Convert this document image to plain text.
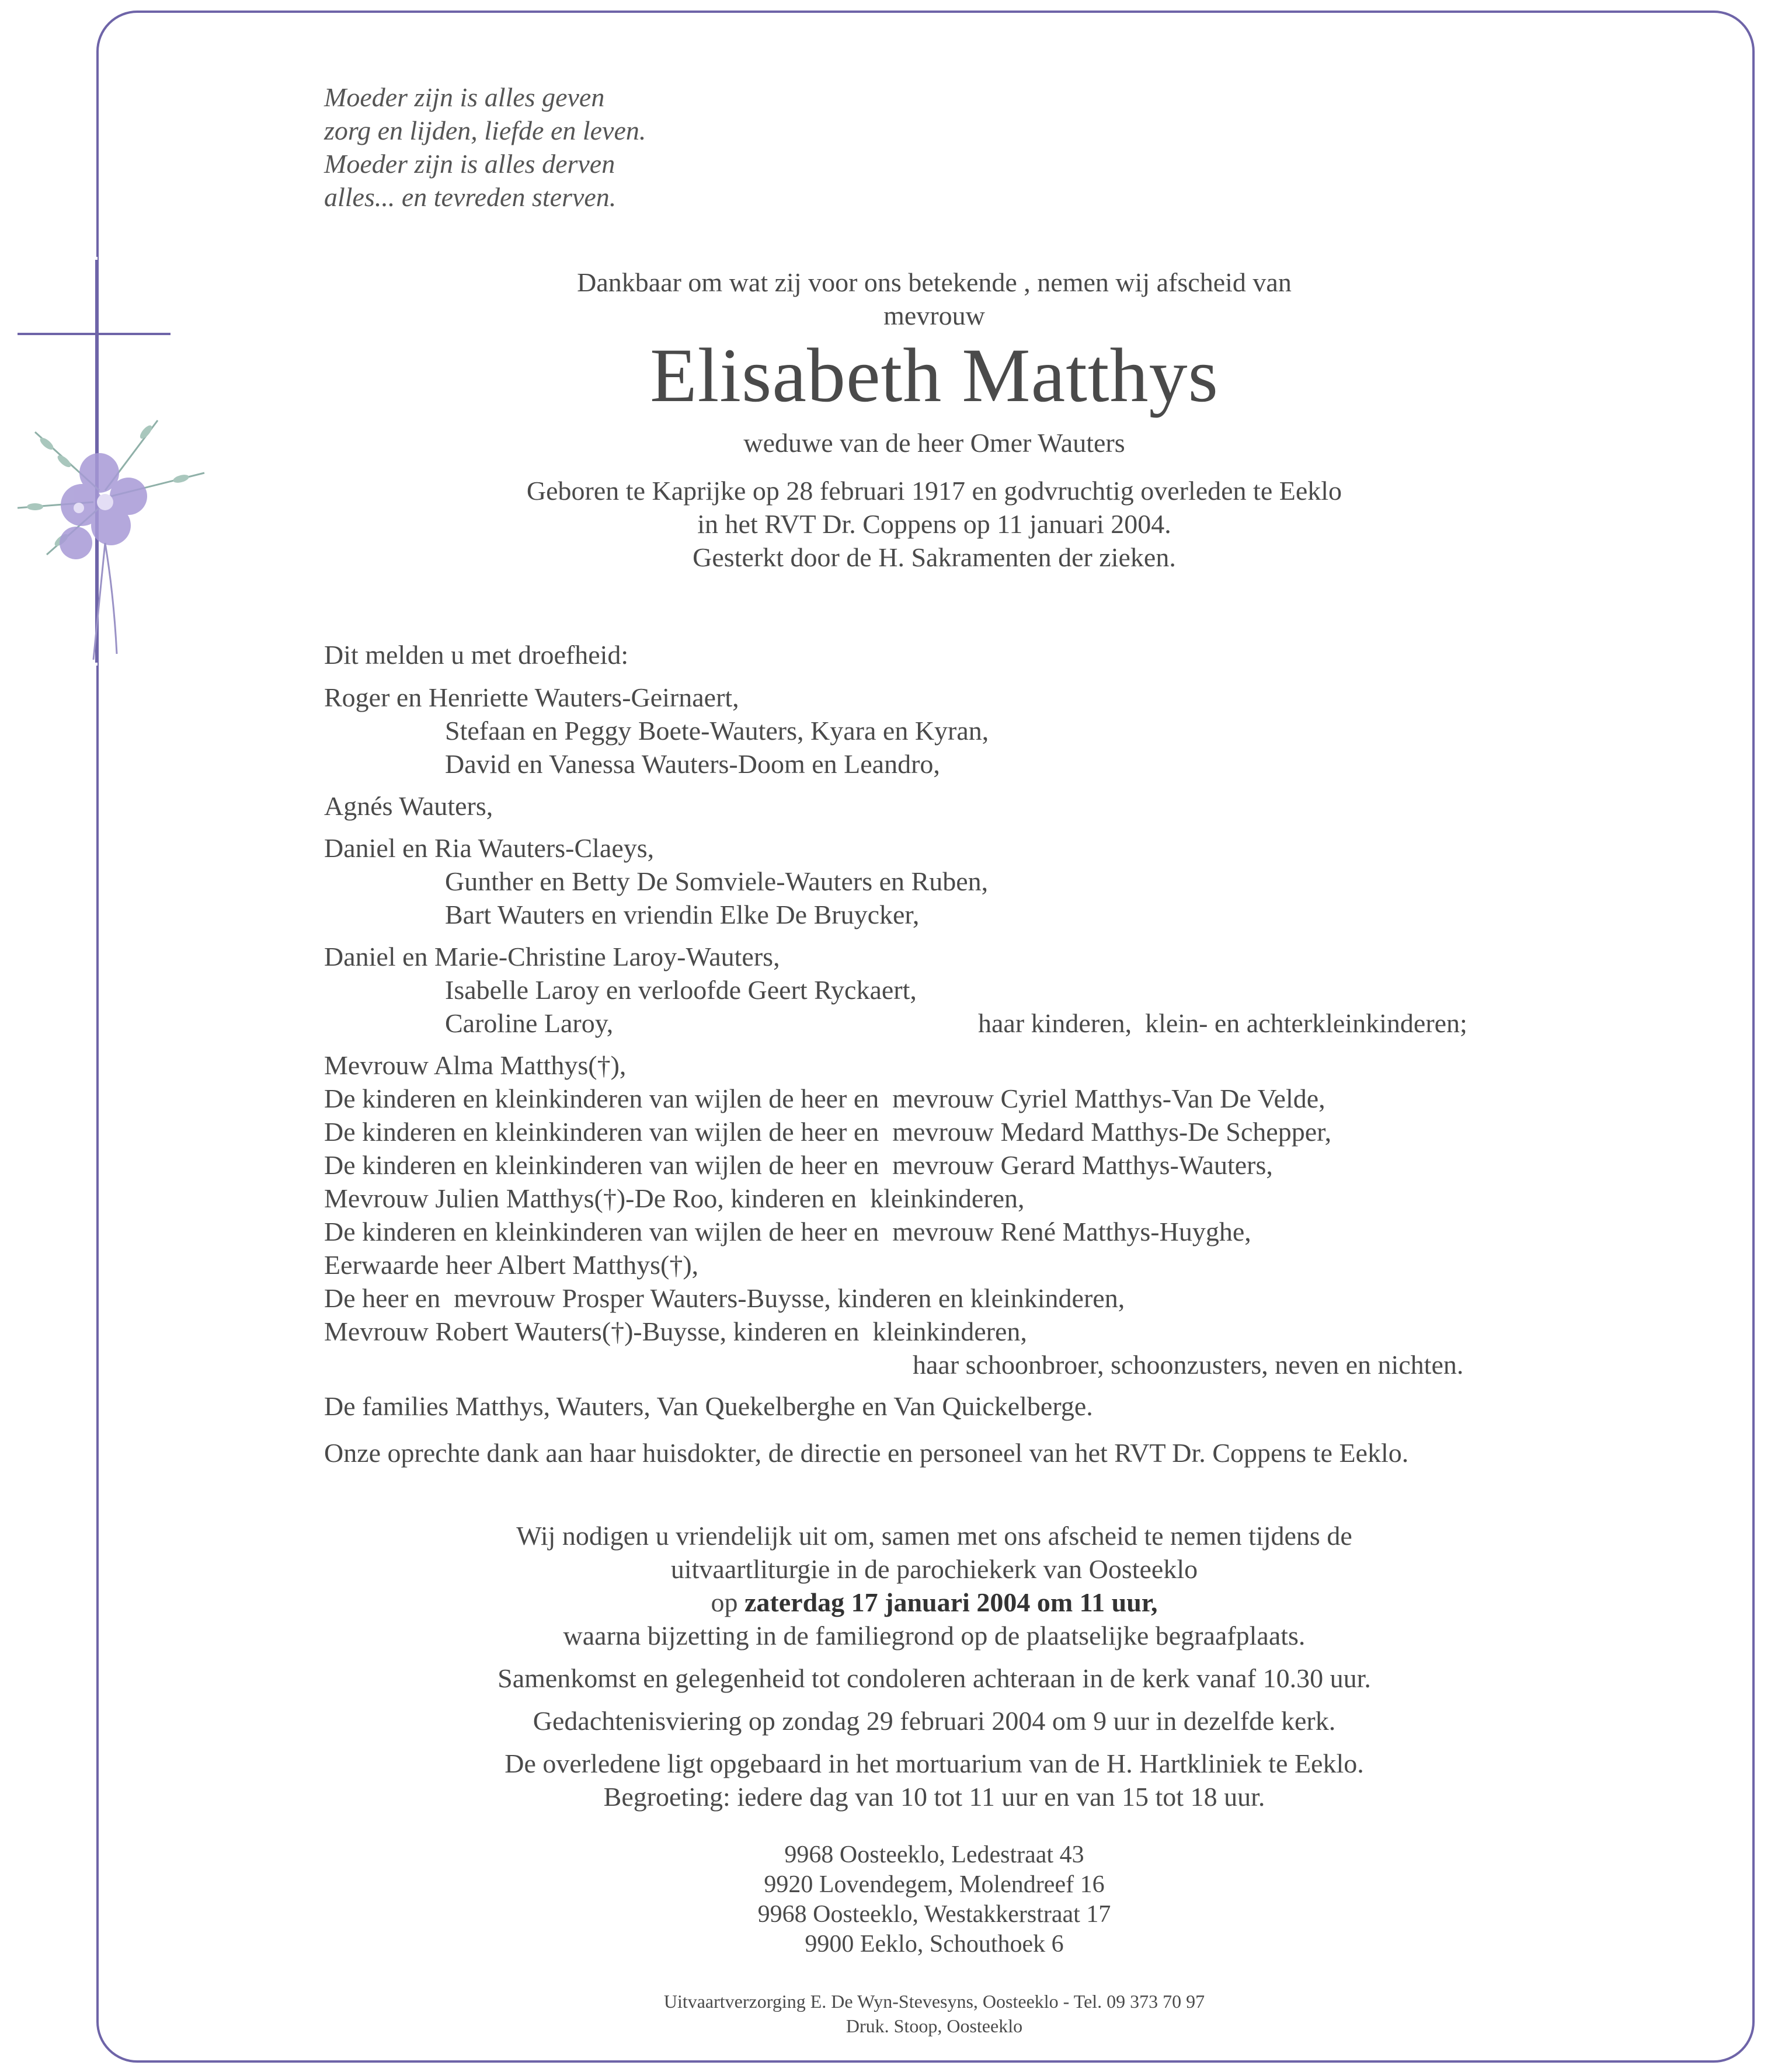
Moeder zijn is alles geven
zorg en lijden, liefde en leven.
Moeder zijn is alles derven
alles... en tevreden sterven.
Dankbaar om wat zij voor ons betekende , nemen wij afscheid van
mevrouw
Elisabeth Matthys
weduwe van de heer Omer Wauters
Geboren te Kaprijke op 28 februari 1917 en godvruchtig overleden te Eeklo
in het RVT Dr. Coppens op 11 januari 2004.
Gesterkt door de H. Sakramenten der zieken.
Dit melden u met droefheid:
Roger en Henriette Wauters-Geirnaert,
Stefaan en Peggy Boete-Wauters, Kyara en Kyran,
David en Vanessa Wauters-Doom en Leandro,
Agnés Wauters,
Daniel en Ria Wauters-Claeys,
Gunther en Betty De Somviele-Wauters en Ruben,
Bart Wauters en vriendin Elke De Bruycker,
Daniel en Marie-Christine Laroy-Wauters,
Isabelle Laroy en verloofde Geert Ryckaert,
Caroline Laroy,	haar kinderen,  klein- en achterkleinkinderen;
Mevrouw Alma Matthys(†),
De kinderen en kleinkinderen van wijlen de heer en  mevrouw Cyriel Matthys-Van De Velde,
De kinderen en kleinkinderen van wijlen de heer en  mevrouw Medard Matthys-De Schepper,
De kinderen en kleinkinderen van wijlen de heer en  mevrouw Gerard Matthys-Wauters,
Mevrouw Julien Matthys(†)-De Roo, kinderen en  kleinkinderen,
De kinderen en kleinkinderen van wijlen de heer en  mevrouw René Matthys-Huyghe,
Eerwaarde heer Albert Matthys(†),
De heer en  mevrouw Prosper Wauters-Buysse, kinderen en kleinkinderen,
Mevrouw Robert Wauters(†)-Buysse, kinderen en  kleinkinderen,
haar schoonbroer, schoonzusters, neven en nichten.
De families Matthys, Wauters, Van Quekelberghe en Van Quickelberge.
Onze oprechte dank aan haar huisdokter, de directie en personeel van het RVT Dr. Coppens te Eeklo.
Wij nodigen u vriendelijk uit om, samen met ons afscheid te nemen tijdens de
uitvaartliturgie in de parochiekerk van Oosteeklo
op zaterdag 17 januari 2004 om 11 uur,
waarna bijzetting in de familiegrond op de plaatselijke begraafplaats.
Samenkomst en gelegenheid tot condoleren achteraan in de kerk vanaf 10.30 uur.
Gedachtenisviering op zondag 29 februari 2004 om 9 uur in dezelfde kerk.
De overledene ligt opgebaard in het mortuarium van de H. Hartkliniek te Eeklo.
Begroeting: iedere dag van 10 tot 11 uur en van 15 tot 18 uur.
9968 Oosteeklo, Ledestraat 43
9920 Lovendegem, Molendreef 16
9968 Oosteeklo, Westakkerstraat 17
9900 Eeklo, Schouthoek 6
Uitvaartverzorging E. De Wyn-Stevesyns, Oosteeklo - Tel. 09 373 70 97
Druk. Stoop, Oosteeklo
